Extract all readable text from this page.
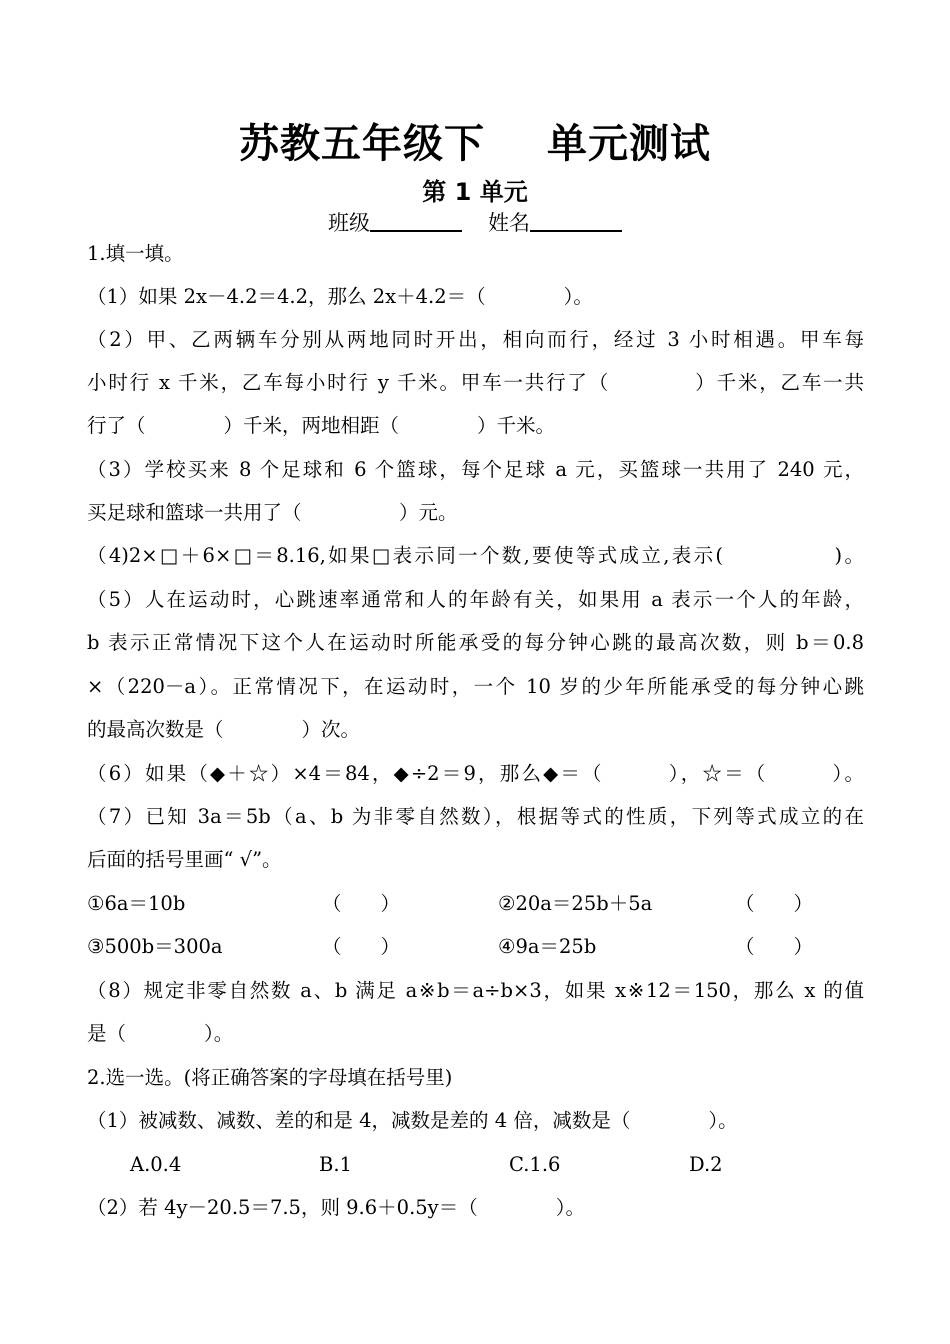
苏教五年级下 单元测试
第 1 单元
班级	姓名
1.填一填。
（1）如果 2x－4.2＝4.2，那么 2x＋4.2＝（　　　　）。
（2）甲、乙两辆车分别从两地同时开出，相向而行，经过 3 小时相遇。甲车每
小时行 x 千米，乙车每小时行 y 千米。甲车一共行了（　　　　）千米，乙车一共
行了（　　　　）千米，两地相距（　　　　）千米。
（3）学校买来 8 个足球和 6 个篮球，每个足球 a 元，买篮球一共用了 240 元，
买足球和篮球一共用了（　　　　　）元。
（4)2×□＋6×□＝8.16,如果□表示同一个数,要使等式成立,表示(　　　　　)。
（5）人在运动时，心跳速率通常和人的年龄有关，如果用 a 表示一个人的年龄，
b 表示正常情况下这个人在运动时所能承受的每分钟心跳的最高次数，则 b＝0.8
×（220－a）。正常情况下，在运动时，一个 10 岁的少年所能承受的每分钟心跳
的最高次数是（　　　　）次。
（6）如果（◆＋☆）×4＝84，◆÷2＝9，那么◆＝（　　　），☆＝（　　　）。
（7）已知 3a＝5b（a、b 为非零自然数），根据等式的性质，下列等式成立的在
后面的括号里画“ √”。
①6a＝10b	（　　）	②20a＝25b＋5a	（　　）
③500b＝300a	（　　）	④9a＝25b	（　　）
（8）规定非零自然数 a、b 满足 a※b＝a÷b×3，如果 x※12＝150，那么 x 的值
是（　　　　）。
2.选一选。(将正确答案的字母填在括号里)
（1）被减数、减数、差的和是 4，减数是差的 4 倍，减数是（　　　　）。
A.0.4	B.1	C.1.6	D.2
（2）若 4y－20.5＝7.5，则 9.6＋0.5y＝（　　　　）。
